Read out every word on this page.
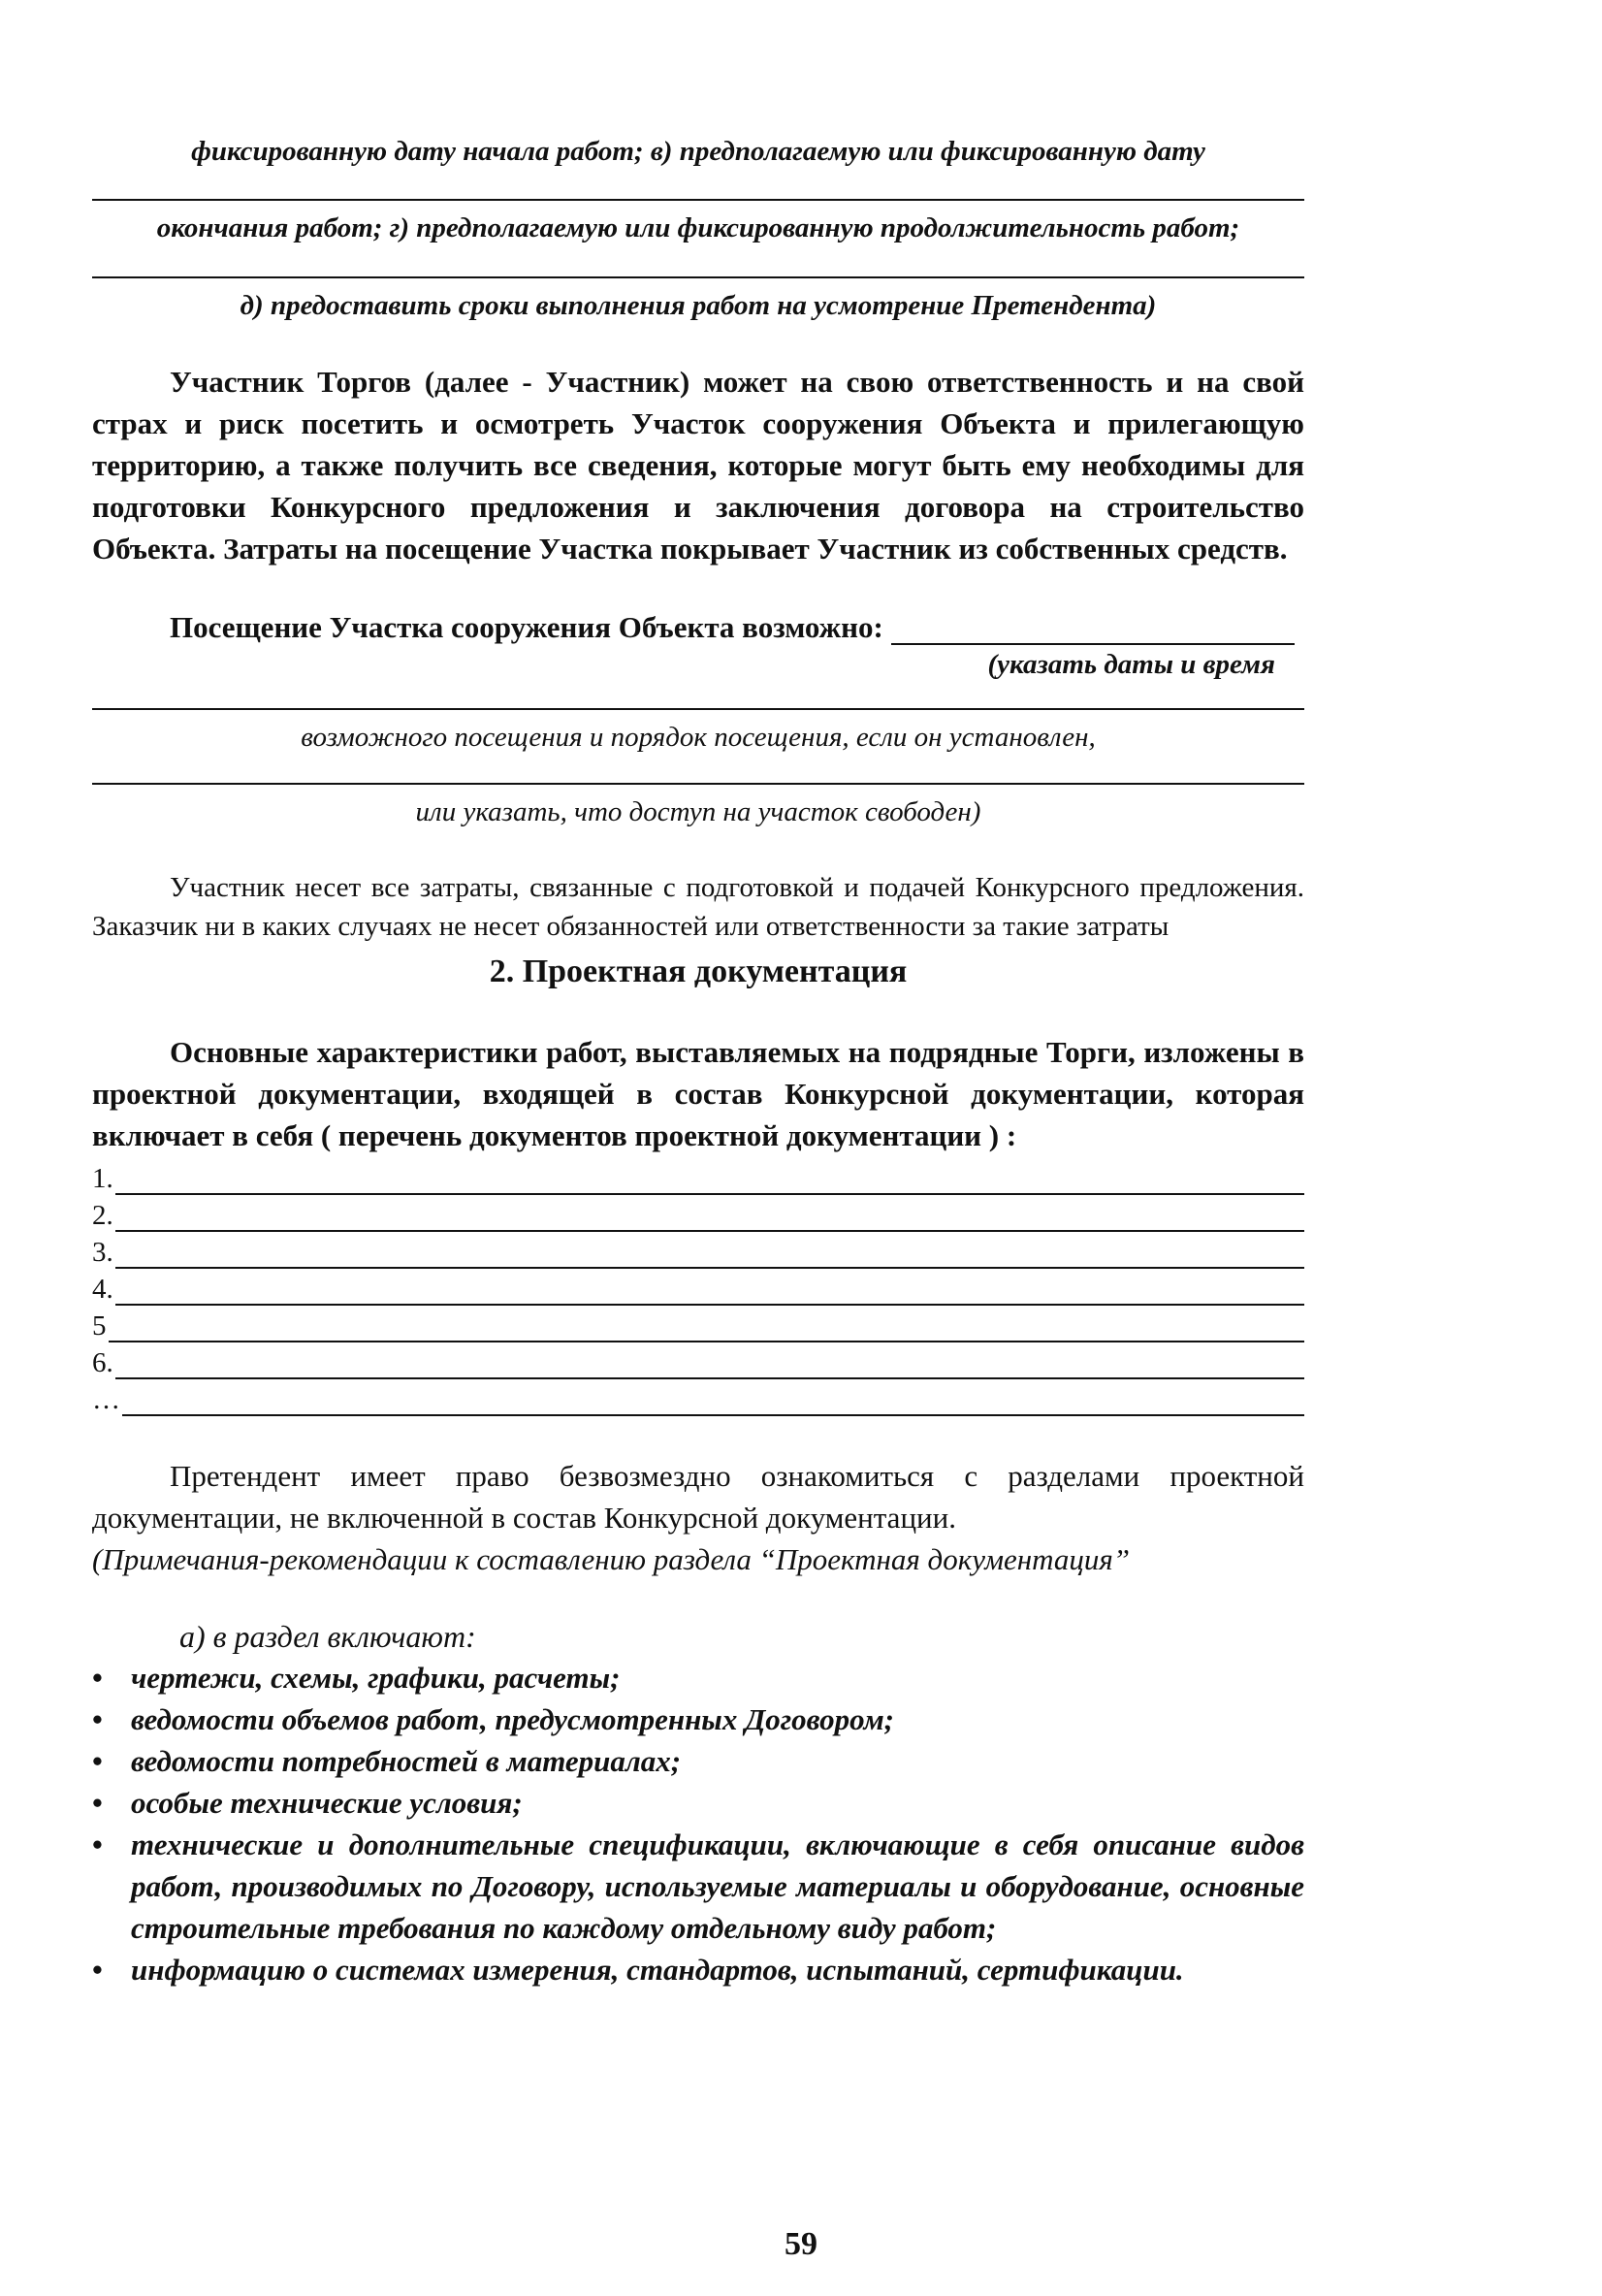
фиксированную дату начала работ; в) предполагаемую или фиксированную дату

окончания работ; г) предполагаемую или фиксированную продолжительность работ;

д) предоставить сроки выполнения работ на усмотрение Претендента)

Участник Торгов (далее - Участник) может на свою ответственность и на свой страх и риск посетить и осмотреть Участок сооружения Объекта и прилегающую территорию, а также получить все сведения, которые могут быть ему необходимы для подготовки Конкурсного предложения и заключения договора на строительство Объекта. Затраты на посещение Участка покрывает Участник из собственных средств.

Посещение Участка сооружения Объекта возможно:

(указать даты и время

возможного посещения и порядок посещения, если он установлен,

или указать, что доступ на участок свободен)

Участник несет все затраты, связанные с подготовкой и подачей Конкурсного предложения. Заказчик ни в каких случаях не несет обязанностей или ответственности за такие затраты

2. Проектная документация

Основные характеристики работ, выставляемых на подрядные Торги, изложены в проектной документации, входящей в состав Конкурсной документации, которая включает в себя ( перечень документов проектной документации ) :

1.
2.
3.
4.
5
6.
…

Претендент имеет право безвозмездно ознакомиться с разделами проектной документации, не включенной в состав Конкурсной документации.

(Примечания-рекомендации к составлению раздела “Проектная документация”

а) в раздел включают:

• чертежи, схемы, графики, расчеты;
• ведомости объемов работ, предусмотренных Договором;
• ведомости потребностей в материалах;
• особые технические условия;
• технические и дополнительные спецификации, включающие в себя описание видов работ, производимых по Договору, используемые материалы и оборудование, основные строительные требования по каждому отдельному виду работ;
• информацию о системах измерения, стандартов, испытаний, сертификации.
59
